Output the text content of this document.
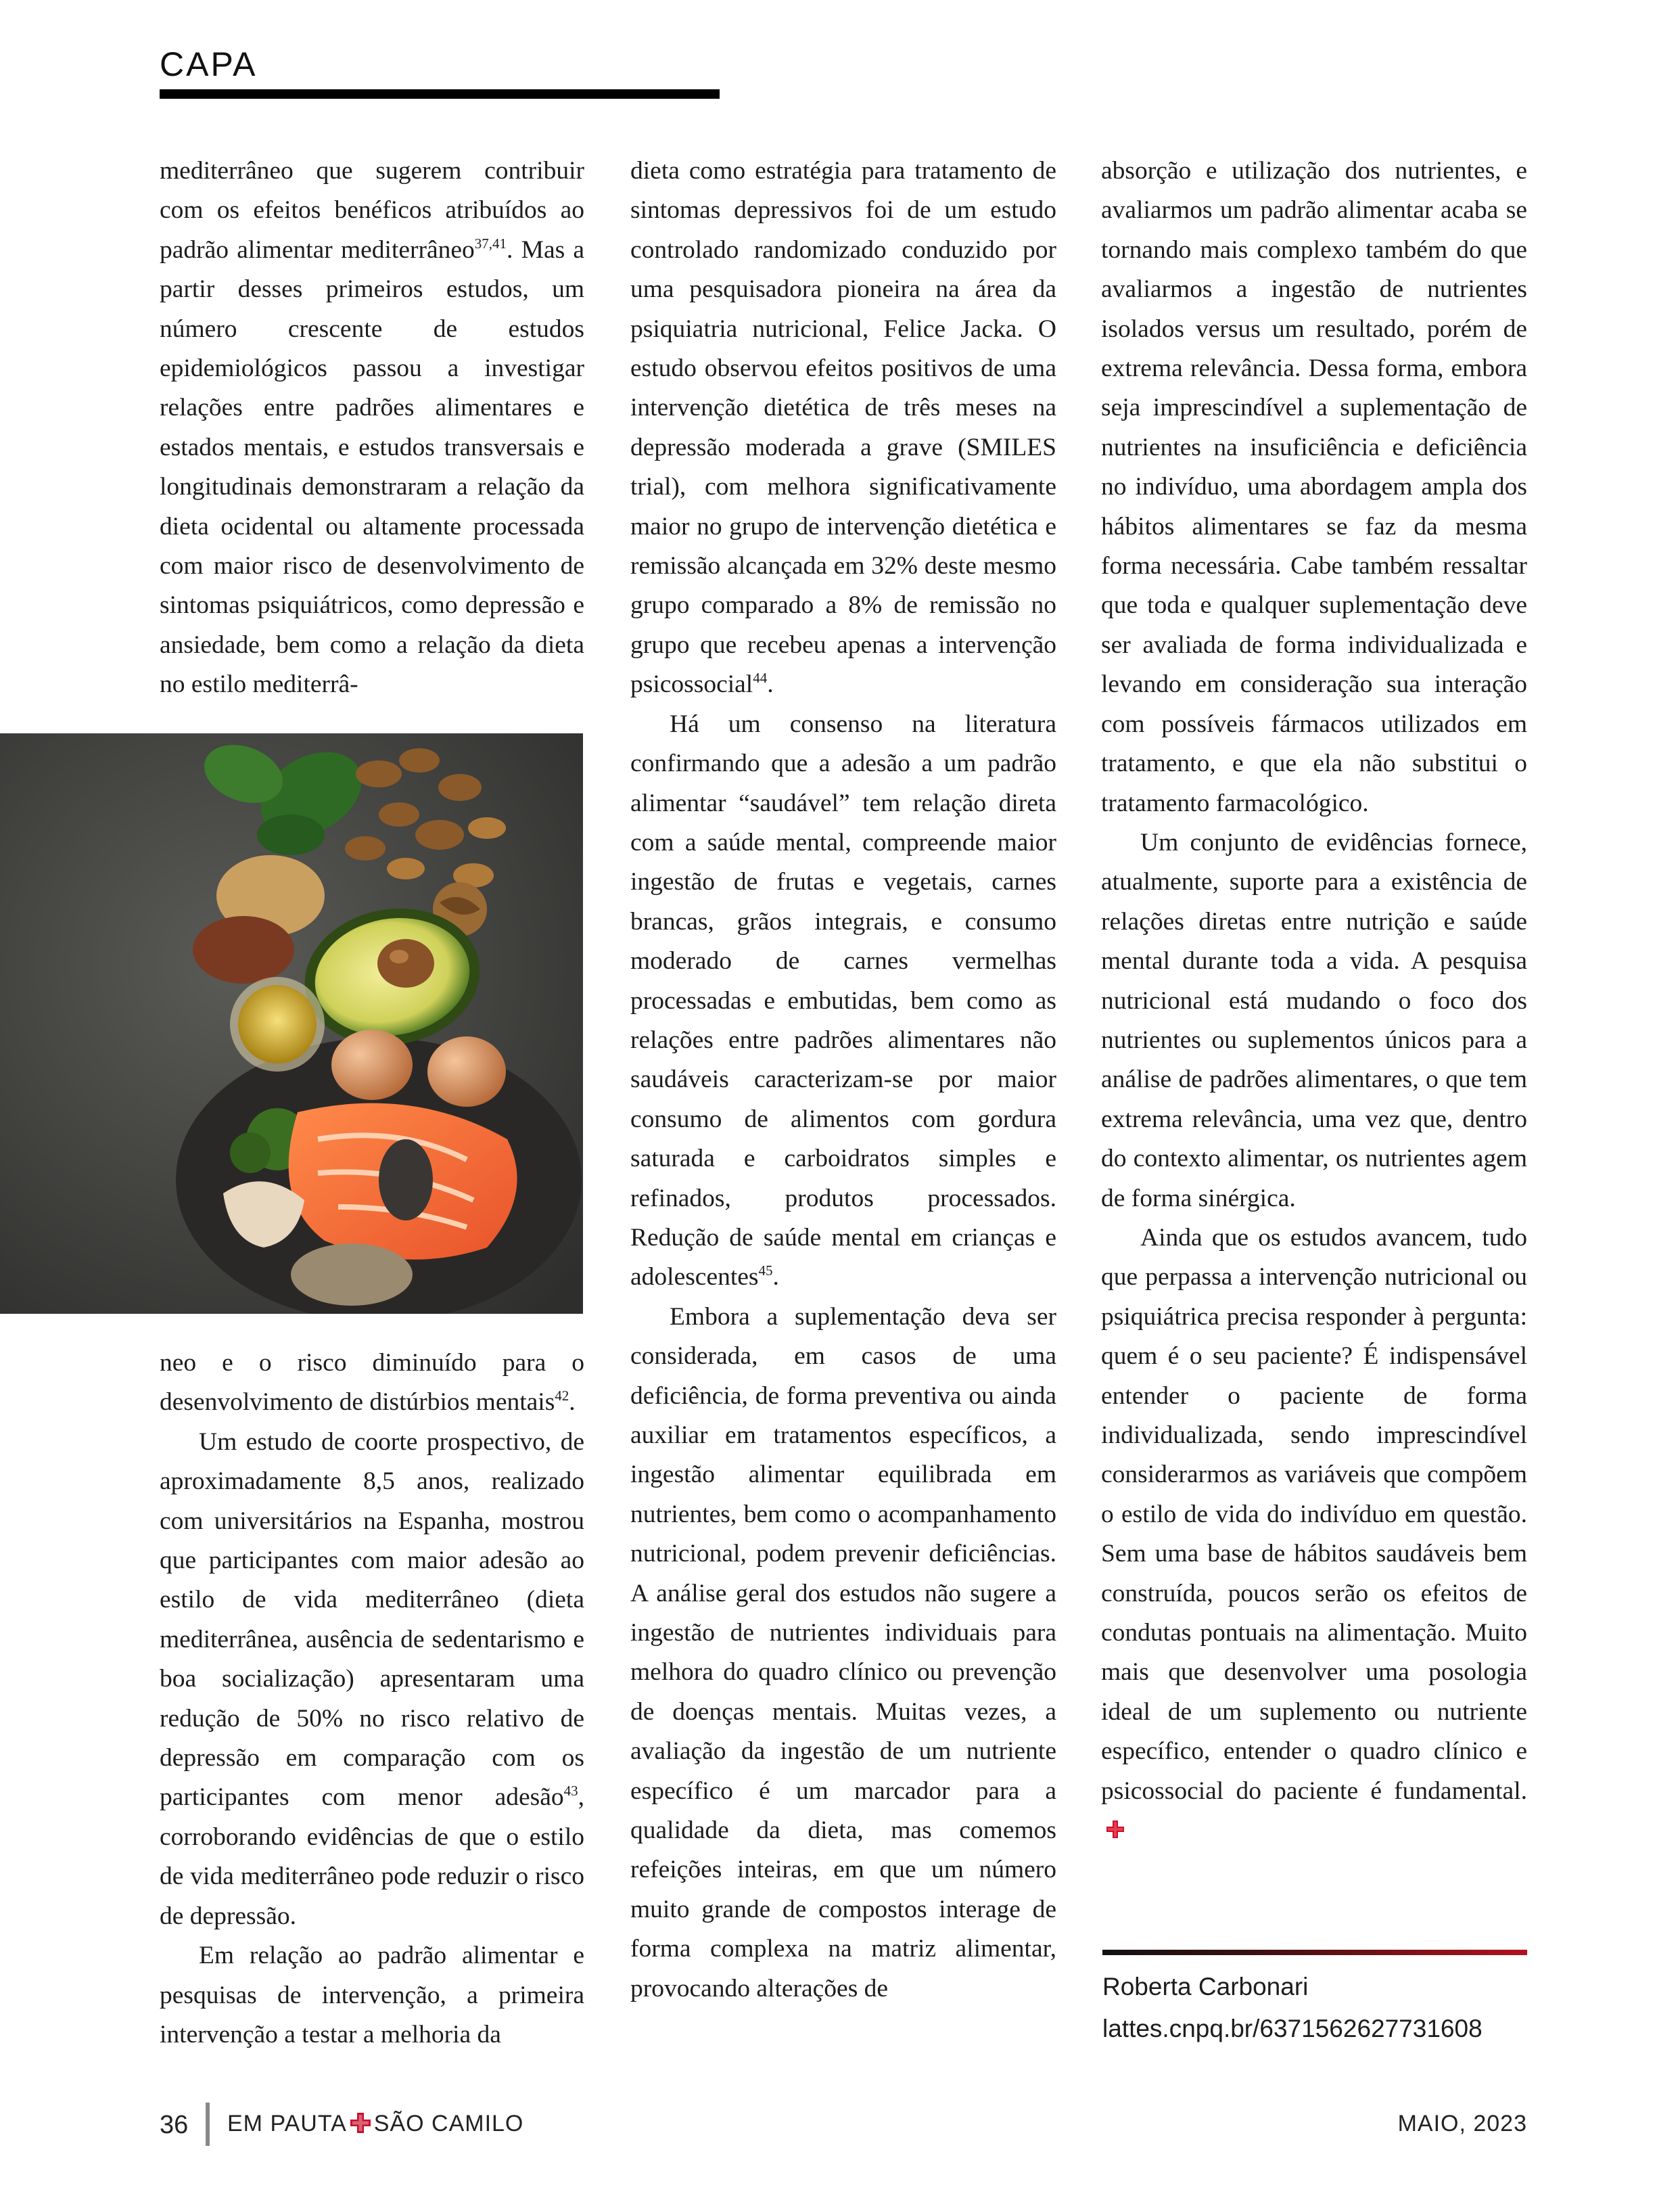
CAPA

mediterrâneo que sugerem contribuir com os efeitos benéficos atribuídos ao padrão alimentar mediterrâneo$^{37,41}$. Mas a partir desses primeiros estudos, um número crescente de estudos epidemiológicos passou a investigar relações entre padrões alimentares e estados mentais, e estudos transversais e longitudinais demonstraram a relação da dieta ocidental ou altamente processada com maior risco de desenvolvimento de sintomas psiquiátricos, como depressão e ansiedade, bem como a relação da dieta no estilo mediterrâ-

neo e o risco diminuído para o desenvolvimento de distúrbios mentais$^{42}$.

Um estudo de coorte prospectivo, de aproximadamente 8,5 anos, realizado com universitários na Espanha, mostrou que participantes com maior adesão ao estilo de vida mediterrâneo (dieta mediterrânea, ausência de sedentarismo e boa socialização) apresentaram uma redução de 50% no risco relativo de depressão em comparação com os participantes com menor adesão$^{43}$, corroborando evidências de que o estilo de vida mediterrâneo pode reduzir o risco de depressão.

Em relação ao padrão alimentar e pesquisas de intervenção, a primeira intervenção a testar a melhoria da

dieta como estratégia para tratamento de sintomas depressivos foi de um estudo controlado randomizado conduzido por uma pesquisadora pioneira na área da psiquiatria nutricional, Felice Jacka. O estudo observou efeitos positivos de uma intervenção dietética de três meses na depressão moderada a grave (SMILES trial), com melhora significativamente maior no grupo de intervenção dietética e remissão alcançada em 32% deste mesmo grupo comparado a 8% de remissão no grupo que recebeu apenas a intervenção psicossocial$^{44}$.

Há um consenso na literatura confirmando que a adesão a um padrão alimentar “saudável” tem relação direta com a saúde mental, compreende maior ingestão de frutas e vegetais, carnes brancas, grãos integrais, e consumo moderado de carnes vermelhas processadas e embutidas, bem como as relações entre padrões alimentares não saudáveis caracterizam-se por maior consumo de alimentos com gordura saturada e carboidratos simples e refinados, produtos processados. Redução de saúde mental em crianças e adolescentes$^{45}$.

Embora a suplementação deva ser considerada, em casos de uma deficiência, de forma preventiva ou ainda auxiliar em tratamentos específicos, a ingestão alimentar equilibrada em nutrientes, bem como o acompanhamento nutricional, podem prevenir deficiências. A análise geral dos estudos não sugere a ingestão de nutrientes individuais para melhora do quadro clínico ou prevenção de doenças mentais. Muitas vezes, a avaliação da ingestão de um nutriente específico é um marcador para a qualidade da dieta, mas comemos refeições inteiras, em que um número muito grande de compostos interage de forma complexa na matriz alimentar, provocando alterações de

absorção e utilização dos nutrientes, e avaliarmos um padrão alimentar acaba se tornando mais complexo também do que avaliarmos a ingestão de nutrientes isolados versus um resultado, porém de extrema relevância. Dessa forma, embora seja imprescindível a suplementação de nutrientes na insuficiência e deficiência no indivíduo, uma abordagem ampla dos hábitos alimentares se faz da mesma forma necessária. Cabe também ressaltar que toda e qualquer suplementação deve ser avaliada de forma individualizada e levando em consideração sua interação com possíveis fármacos utilizados em tratamento, e que ela não substitui o tratamento farmacológico.

Um conjunto de evidências fornece, atualmente, suporte para a existência de relações diretas entre nutrição e saúde mental durante toda a vida. A pesquisa nutricional está mudando o foco dos nutrientes ou suplementos únicos para a análise de padrões alimentares, o que tem extrema relevância, uma vez que, dentro do contexto alimentar, os nutrientes agem de forma sinérgica.

Ainda que os estudos avancem, tudo que perpassa a intervenção nutricional ou psiquiátrica precisa responder à pergunta: quem é o seu paciente? É indispensável entender o paciente de forma individualizada, sendo imprescindível considerarmos as variáveis que compõem o estilo de vida do indivíduo em questão. Sem uma base de hábitos saudáveis bem construída, poucos serão os efeitos de condutas pontuais na alimentação. Muito mais que desenvolver uma posologia ideal de um suplemento ou nutriente específico, entender o quadro clínico e psicossocial do paciente é fundamental.

Roberta Carbonari
lattes.cnpq.br/6371562627731608
36 EM PAUTA SÃO CAMILO	MAIO, 2023
